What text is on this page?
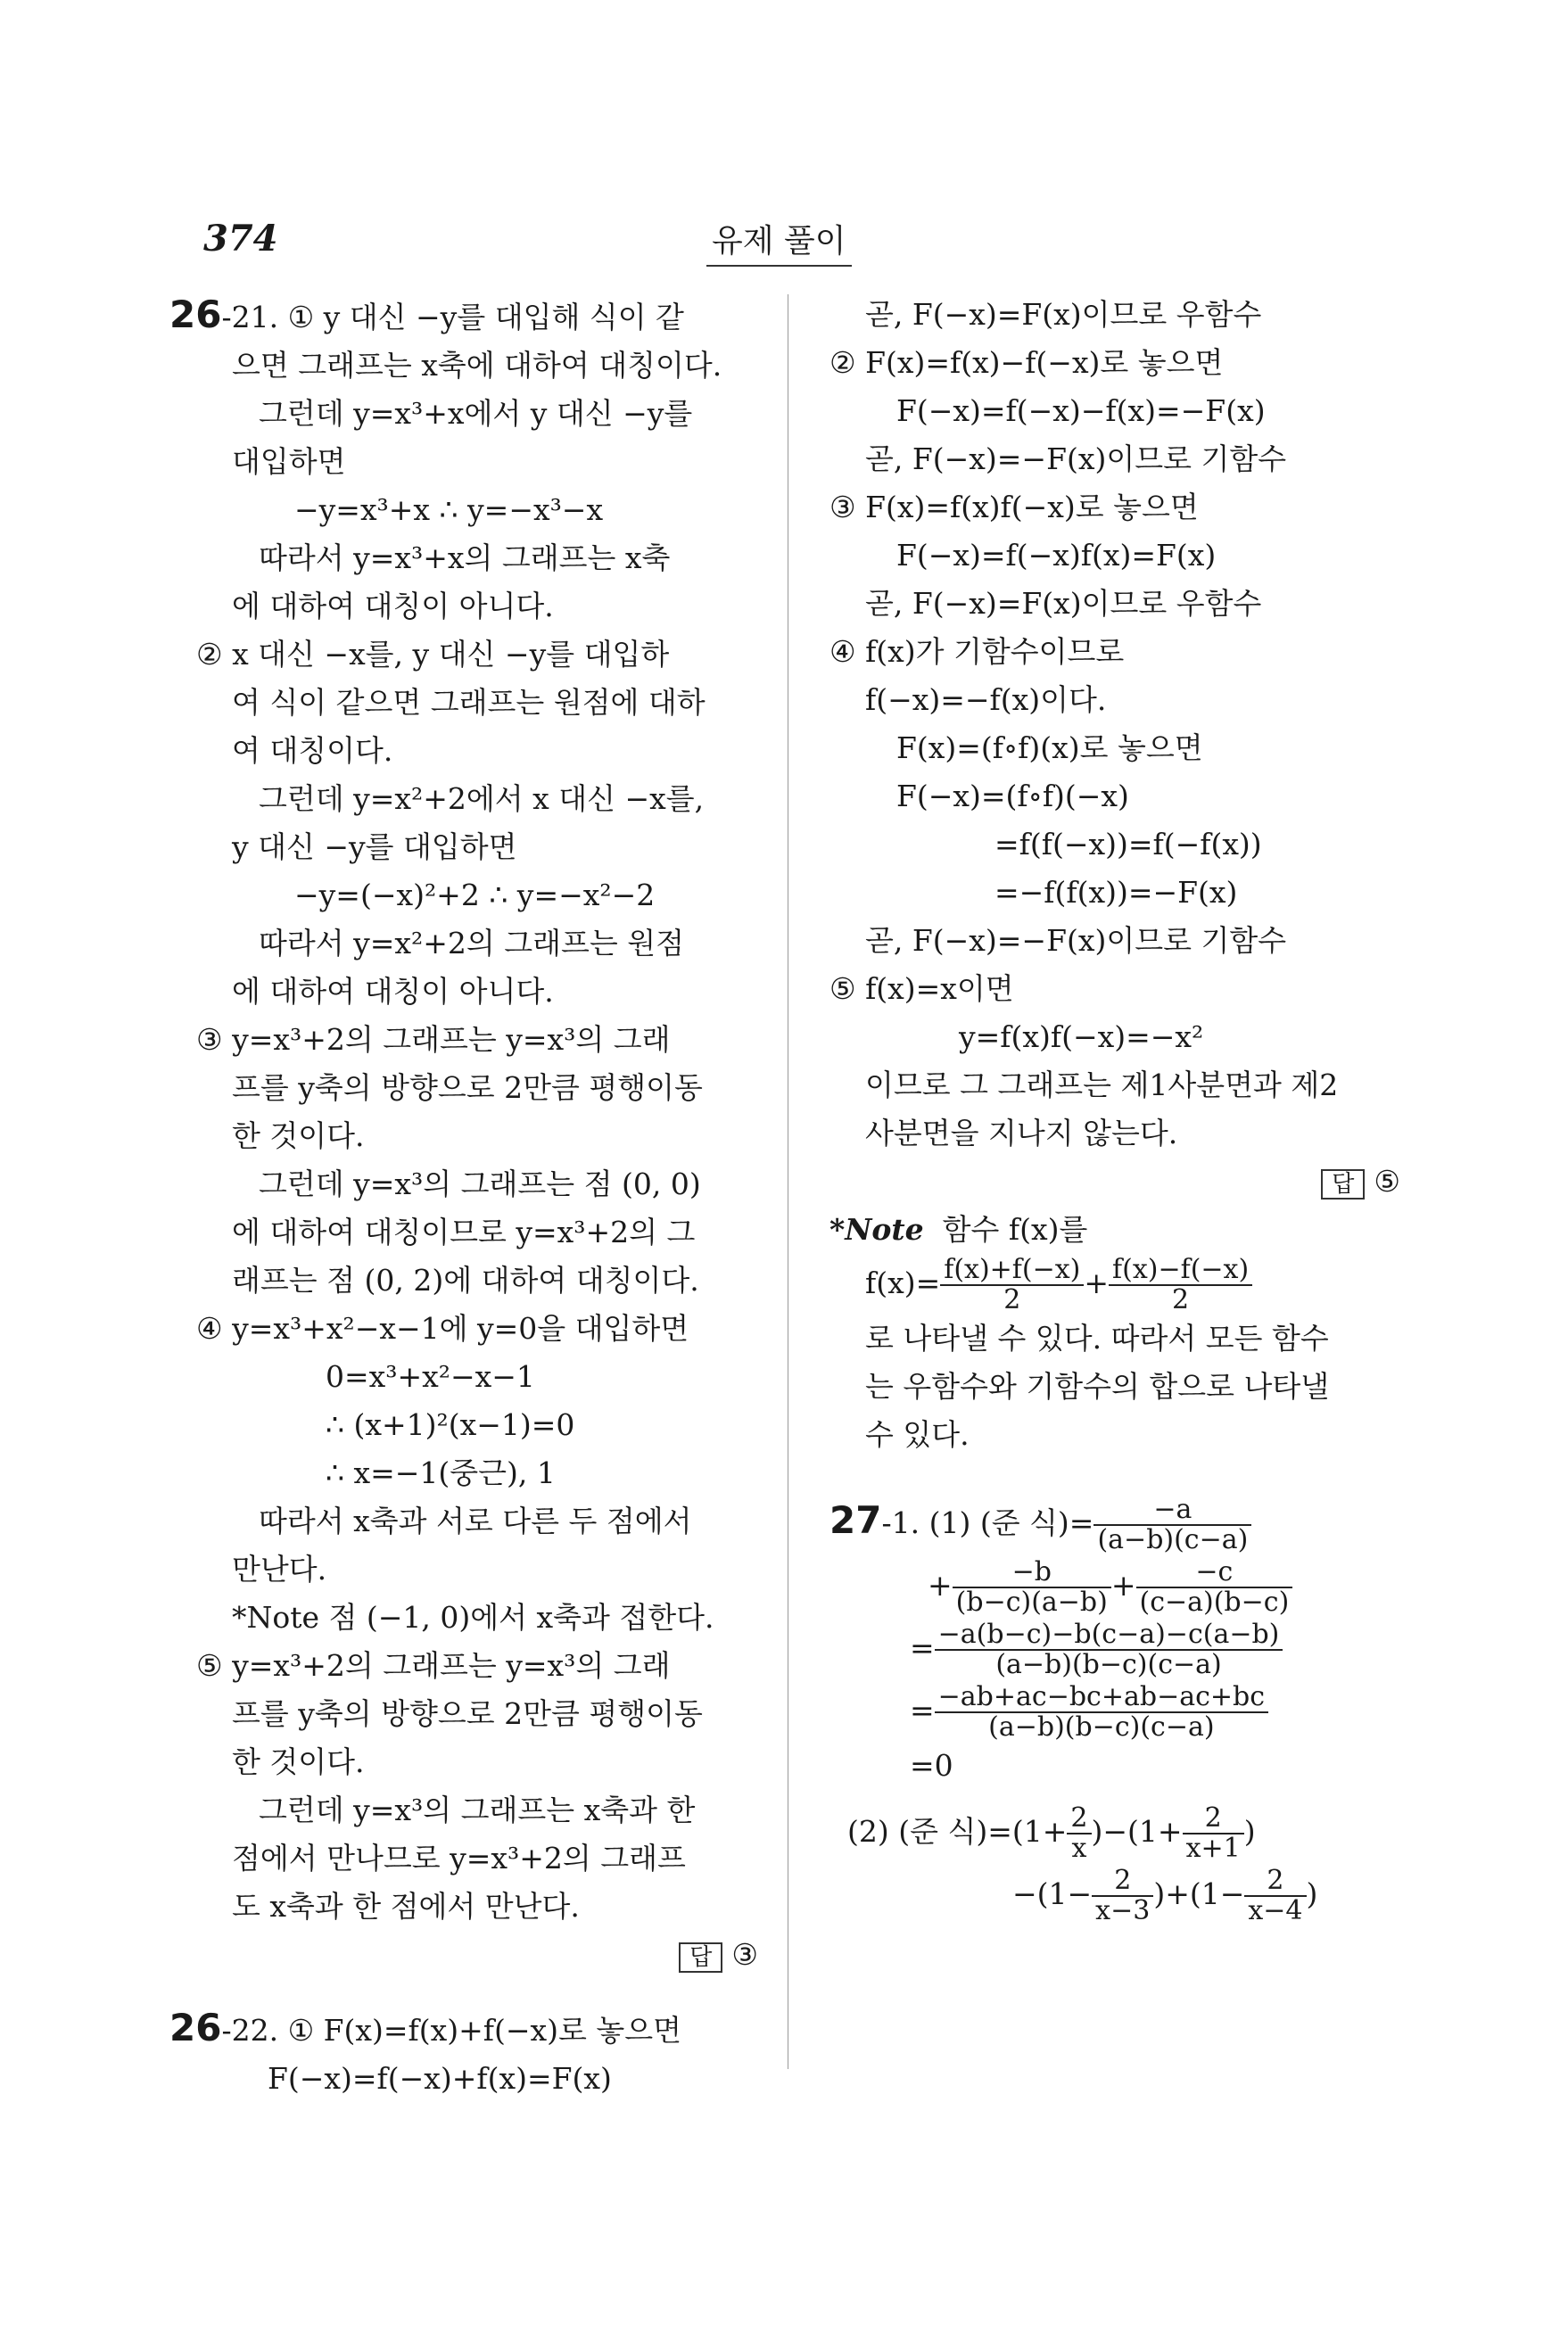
374	유제 풀이
26-21. ① y 대신 −y를 대입해 식이 같
으면 그래프는 x축에 대하여 대칭이다.
그런데 y=x³+x에서 y 대신 −y를
대입하면
−y=x³+x ∴ y=−x³−x
따라서 y=x³+x의 그래프는 x축
에 대하여 대칭이 아니다.
② x 대신 −x를, y 대신 −y를 대입하
여 식이 같으면 그래프는 원점에 대하
여 대칭이다.
그런데 y=x²+2에서 x 대신 −x를,
y 대신 −y를 대입하면
−y=(−x)²+2 ∴ y=−x²−2
따라서 y=x²+2의 그래프는 원점
에 대하여 대칭이 아니다.
③ y=x³+2의 그래프는 y=x³의 그래
프를 y축의 방향으로 2만큼 평행이동
한 것이다.
그런데 y=x³의 그래프는 점 (0, 0)
에 대하여 대칭이므로 y=x³+2의 그
래프는 점 (0, 2)에 대하여 대칭이다.
④ y=x³+x²−x−1에 y=0을 대입하면
0=x³+x²−x−1
∴ (x+1)²(x−1)=0
∴ x=−1(중근), 1
따라서 x축과 서로 다른 두 점에서
만난다.
*Note 점 (−1, 0)에서 x축과 접한다.
⑤ y=x³+2의 그래프는 y=x³의 그래
프를 y축의 방향으로 2만큼 평행이동
한 것이다.
그런데 y=x³의 그래프는 x축과 한
점에서 만나므로 y=x³+2의 그래프
도 x축과 한 점에서 만난다.
답 ③
26-22. ① F(x)=f(x)+f(−x)로 놓으면
F(−x)=f(−x)+f(x)=F(x)
곧, F(−x)=F(x)이므로 우함수
② F(x)=f(x)−f(−x)로 놓으면
F(−x)=f(−x)−f(x)=−F(x)
곧, F(−x)=−F(x)이므로 기함수
③ F(x)=f(x)f(−x)로 놓으면
F(−x)=f(−x)f(x)=F(x)
곧, F(−x)=F(x)이므로 우함수
④ f(x)가 기함수이므로
f(−x)=−f(x)이다.
F(x)=(f∘f)(x)로 놓으면
F(−x)=(f∘f)(−x)
=f(f(−x))=f(−f(x))
=−f(f(x))=−F(x)
곧, F(−x)=−F(x)이므로 기함수
⑤ f(x)=x이면
y=f(x)f(−x)=−x²
이므로 그 그래프는 제1사분면과 제2
사분면을 지나지 않는다.
답 ⑤
*Note 함수 f(x)를
$f(x)= \frac{f(x)+f(-x)}{2} + \frac{f(x)-f(-x)}{2}$
로 나타낼 수 있다. 따라서 모든 함수
는 우함수와 기함수의 합으로 나타낼
수 있다.
27-1. (1) (준 식)= $\frac{-a}{(a-b)(c-a)}$
+ $\frac{-b}{(b-c)(a-b)} + \frac{-c}{(c-a)(b-c)}$
= $\frac{-a(b-c)-b(c-a)-c(a-b)}{(a-b)(b-c)(c-a)}$
= $\frac{-ab+ac-bc+ab-ac+bc}{(a-b)(b-c)(c-a)}$
=0
(2) (준 식)$=(1+ \frac{2}{x} )-(1+ \frac{2}{x+1}$ )
$-(1- \frac{2}{x-3} )+(1- \frac{2}{x-4}$ )
